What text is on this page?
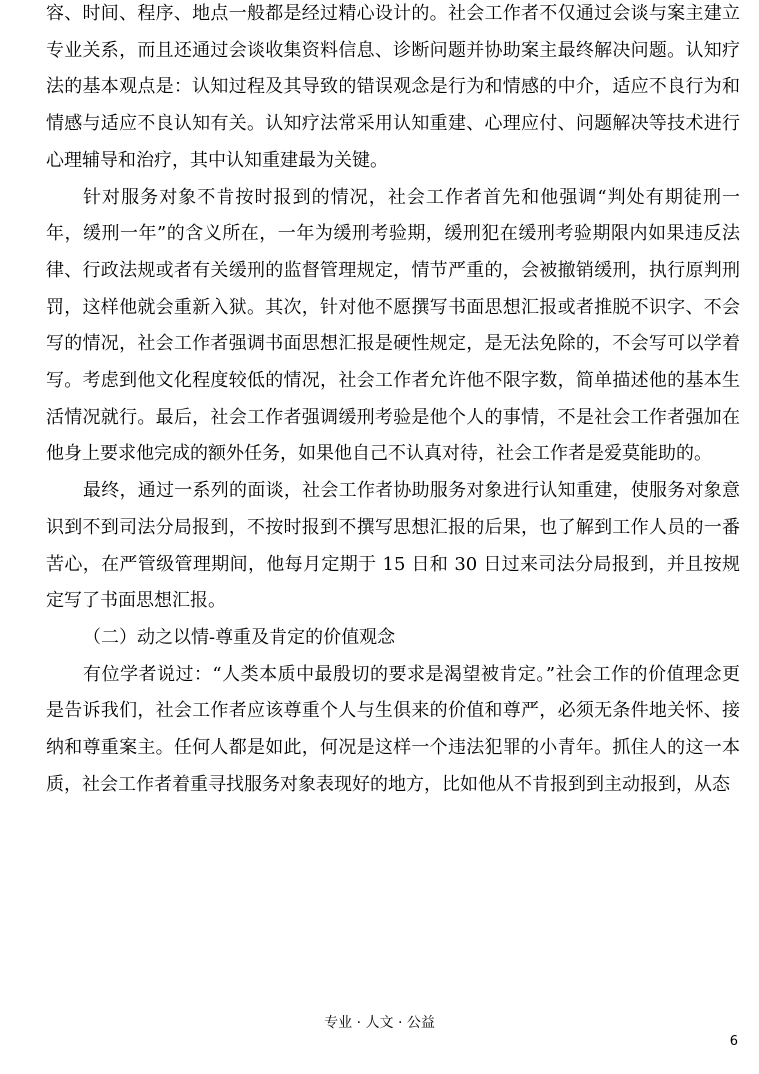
容、时间、程序、地点一般都是经过精心设计的。社会工作者不仅通过会谈与案主建立专业关系，而且还通过会谈收集资料信息、诊断问题并协助案主最终解决问题。认知疗法的基本观点是：认知过程及其导致的错误观念是行为和情感的中介，适应不良行为和情感与适应不良认知有关。认知疗法常采用认知重建、心理应付、问题解决等技术进行心理辅导和治疗，其中认知重建最为关键。

针对服务对象不肯按时报到的情况，社会工作者首先和他强调“判处有期徒刑一年，缓刑一年”的含义所在，一年为缓刑考验期，缓刑犯在缓刑考验期限内如果违反法律、行政法规或者有关缓刑的监督管理规定，情节严重的，会被撤销缓刑，执行原判刑罚，这样他就会重新入狱。其次，针对他不愿撰写书面思想汇报或者推脱不识字、不会写的情况，社会工作者强调书面思想汇报是硬性规定，是无法免除的，不会写可以学着写。考虑到他文化程度较低的情况，社会工作者允许他不限字数，简单描述他的基本生活情况就行。最后，社会工作者强调缓刑考验是他个人的事情，不是社会工作者强加在他身上要求他完成的额外任务，如果他自己不认真对待，社会工作者是爱莫能助的。

最终，通过一系列的面谈，社会工作者协助服务对象进行认知重建，使服务对象意识到不到司法分局报到，不按时报到不撰写思想汇报的后果，也了解到工作人员的一番苦心，在严管级管理期间，他每月定期于 15 日和 30 日过来司法分局报到，并且按规定写了书面思想汇报。

（二）动之以情-尊重及肯定的价值观念

有位学者说过：“人类本质中最殷切的要求是渴望被肯定。”社会工作的价值理念更是告诉我们，社会工作者应该尊重个人与生俱来的价值和尊严，必须无条件地关怀、接纳和尊重案主。任何人都是如此，何况是这样一个违法犯罪的小青年。抓住人的这一本质，社会工作者着重寻找服务对象表现好的地方，比如他从不肯报到到主动报到，从态

专业 · 人文 · 公益
6
